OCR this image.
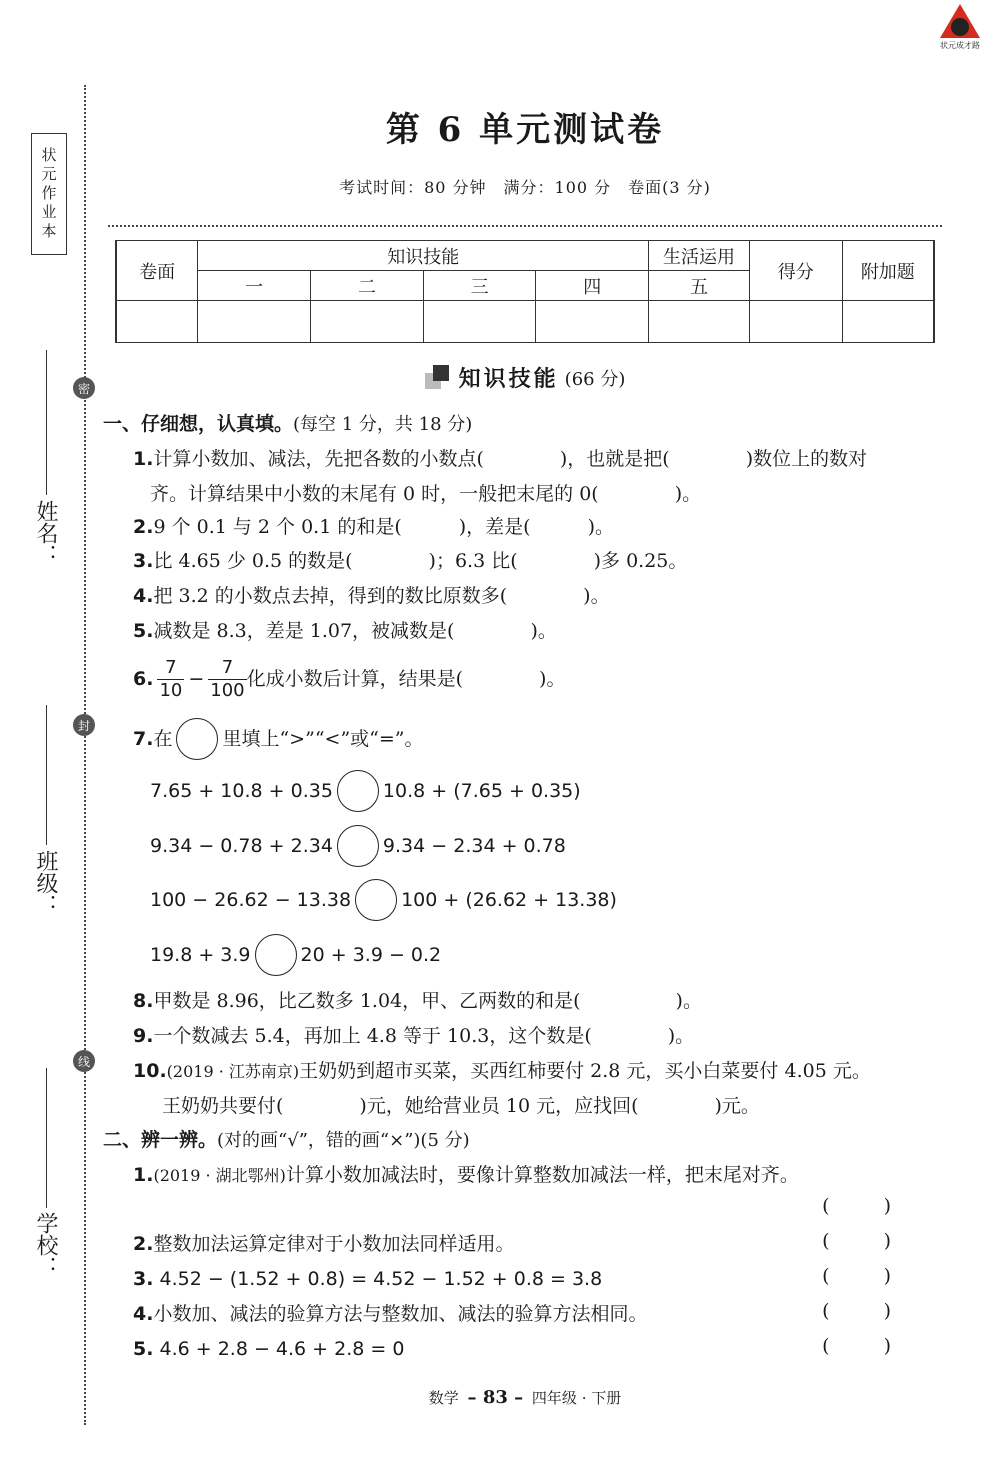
状元作业本
密
封
线
姓名：
班级：
学校：
状元成才路
第 6 单元测试卷
考试时间：80 分钟　满分：100 分　卷面(3 分)
卷面	知识技能				生活运用	得分	附加题
	一	二	三	四	五		

知识技能 (66 分)
一、仔细想，认真填。(每空 1 分，共 18 分)
1.计算小数加、减法，先把各数的小数点(　　　　)，也就是把(　　　　)数位上的数对
齐。计算结果中小数的末尾有 0 时，一般把末尾的 0(　　　　)。
2.9 个 0.1 与 2 个 0.1 的和是(　　　)，差是(　　　)。
3.比 4.65 少 0.5 的数是(　　　　)；6.3 比(　　　　)多 0.25。
4.把 3.2 的小数点去掉，得到的数比原数多(　　　　)。
5.减数是 8.3，差是 1.07，被减数是(　　　　)。
6. $\frac{7}{10} - \frac{7}{100}$ 化成小数后计算，结果是(　　　　)。
7. 在	里填上“>”“<”或“=”。
7.65 + 10.8 + 0.35	10.8 + (7.65 + 0.35)
9.34 − 0.78 + 2.34	9.34 − 2.34 + 0.78
100 − 26.62 − 13.38	100 + (26.62 + 13.38)
19.8 + 3.9	20 + 3.9 − 0.2
8.甲数是 8.96，比乙数多 1.04，甲、乙两数的和是(　　　　　)。
9.一个数减去 5.4，再加上 4.8 等于 10.3，这个数是(　　　　)。
10.(2019 · 江苏南京)王奶奶到超市买菜，买西红柿要付 2.8 元，买小白菜要付 4.05 元。
王奶奶共要付(　　　　)元，她给营业员 10 元，应找回(　　　　)元。
二、辨一辨。(对的画“√”，错的画“×”)(5 分)
1.(2019 · 湖北鄂州)计算小数加减法时，要像计算整数加减法一样，把末尾对齐。
()
2.整数加法运算定律对于小数加法同样适用。	()
3. 4.52 − (1.52 + 0.8) = 4.52 − 1.52 + 0.8 = 3.8	()
4.小数加、减法的验算方法与整数加、减法的验算方法相同。	()
5. 4.6 + 2.8 − 4.6 + 2.8 = 0	()
数学 – 83 – 四年级 · 下册
